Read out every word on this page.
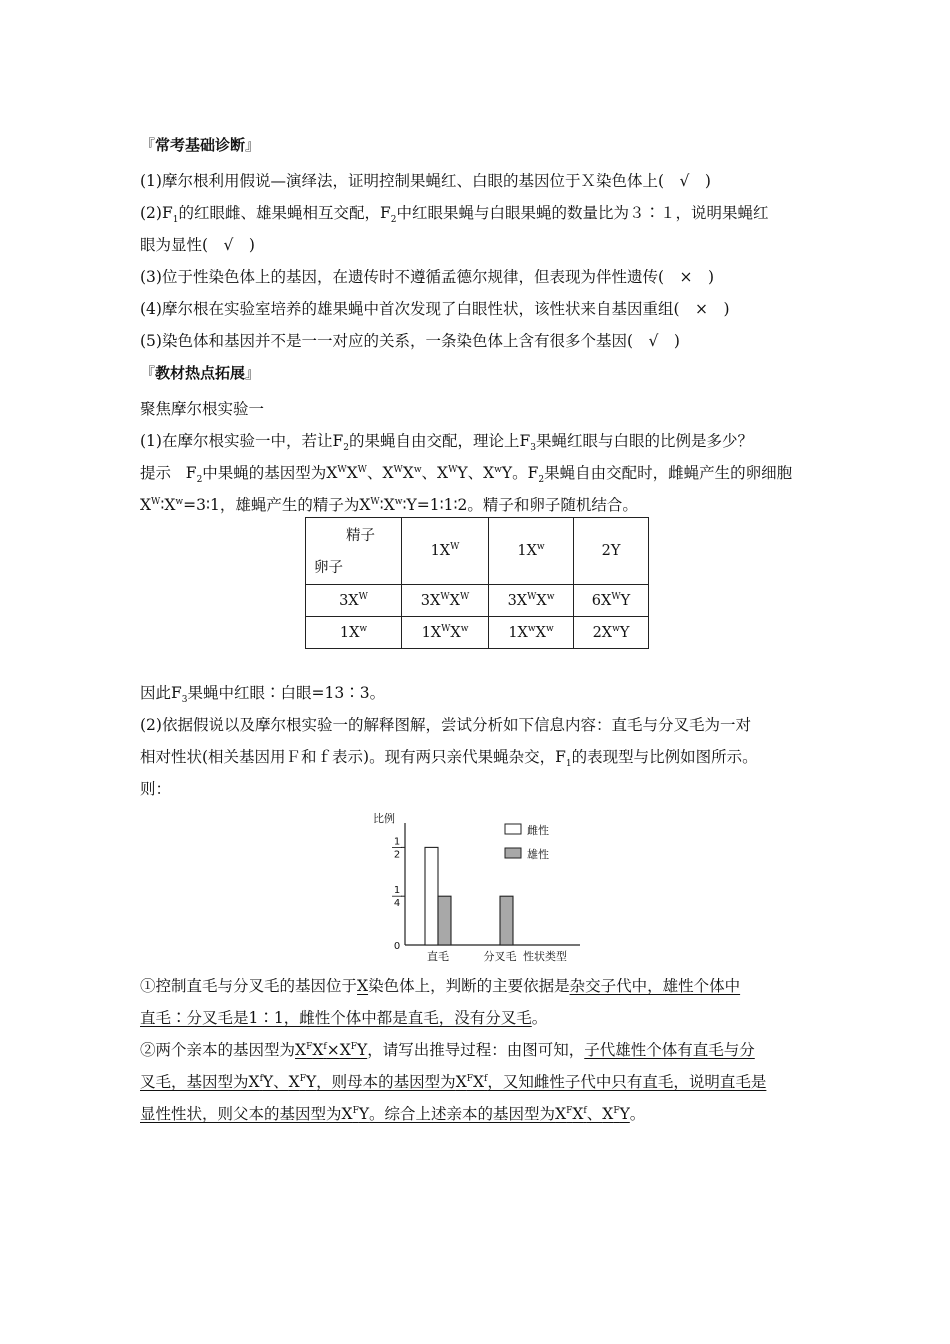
『常考基础诊断』
(1)摩尔根利用假说—演绎法，证明控制果蝇红、白眼的基因位于Ｘ染色体上(　√　)
$(2)F_1$的红眼雌、雄果蝇相互交配，$F_2$中红眼果蝇与白眼果蝇的数量比为３∶１，说明果蝇红
眼为显性(　√　)
(3)位于性染色体上的基因，在遗传时不遵循孟德尔规律，但表现为伴性遗传(　×　)
(4)摩尔根在实验室培养的雄果蝇中首次发现了白眼性状，该性状来自基因重组(　×　)
(5)染色体和基因并不是一一对应的关系，一条染色体上含有很多个基因(　√　)
『教材热点拓展』
聚焦摩尔根实验一
(1)在摩尔根实验一中，若让$F_2$的果蝇自由交配，理论上$F_3$果蝇红眼与白眼的比例是多少？
提示 $F_2$中果蝇的基因型为$X^WX^W$、$X^WX^w$、$X^WY$、$X^wY$。$F_2$果蝇自由交配时，雌蝇产生的卵细胞
$X^W∶X^w=3∶1$，雄蝇产生的精子为$X^W∶X^w∶Y=1∶1∶2$。精子和卵子随机结合。
精子
卵子	$1X^W$	$1X^w$	2Y
$3X^W$	$3X^WX^W$	$3X^WX^w$	$6X^WY$
$1X^w$	$1X^WX^w$	$1X^wX^w$	$2X^wY$
因此$F_3$果蝇中红眼∶白眼=13∶3。
(2)依据假说以及摩尔根实验一的解释图解，尝试分析如下信息内容：直毛与分叉毛为一对
相对性状(相关基因用Ｆ和ｆ表示)。现有两只亲代果蝇杂交，$F_1$的表现型与比例如图所示。
则：
比例
性状类型
0
1
4
1
2
直毛	分叉毛
雌性
雄性
①控制直毛与分叉毛的基因位于X染色体上，判断的主要依据是杂交子代中，雄性个体中
直毛∶分叉毛是1∶1，雌性个体中都是直毛，没有分叉毛。
②两个亲本的基因型为$X^FX^f\times X^FY$，请写出推导过程：由图可知，子代雄性个体有直毛与分
叉毛，基因型为$X^fY$、$X^FY$，则母本的基因型为$X^FX^f$，又知雌性子代中只有直毛，说明直毛是
显性性状，则父本的基因型为$X^FY$。综合上述亲本的基因型为$X^FX^f$、$X^FY$。
